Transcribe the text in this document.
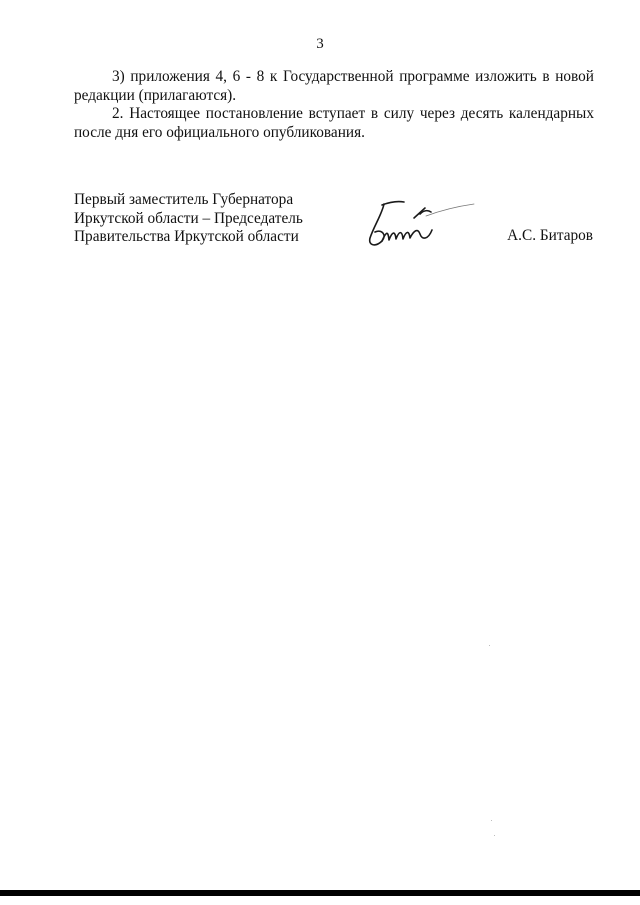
3

3) приложения 4, 6 - 8 к Государственной программе изложить в новой редакции (прилагаются).

2. Настоящее постановление вступает в силу через десять календарных после дня его официального опубликования.

Первый заместитель Губернатора
Иркутской области – Председатель
Правительства Иркутской области	А.С. Битаров
